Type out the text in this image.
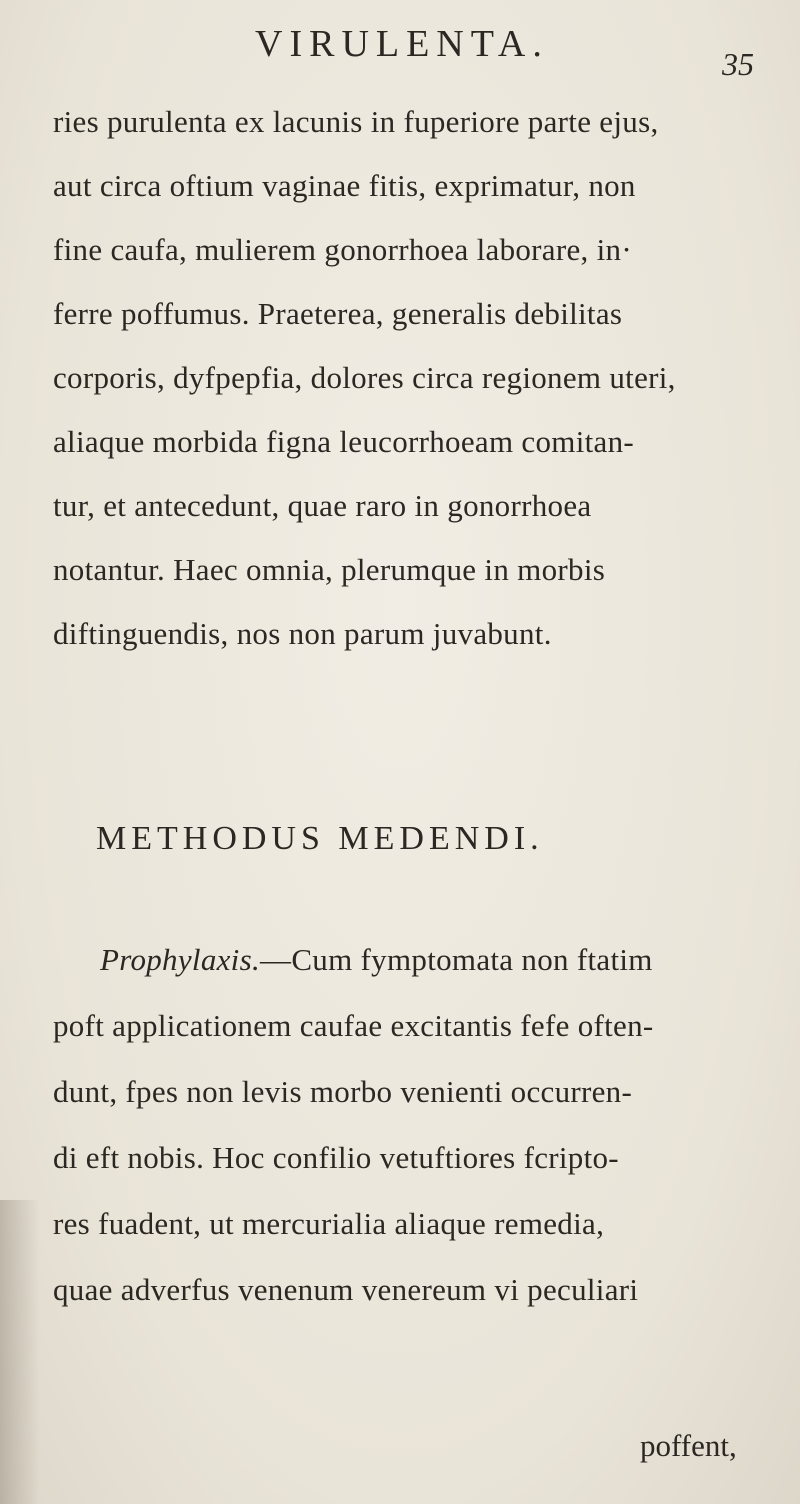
VIRULENTA.	35
ries purulenta ex lacunis in fuperiore parte ejus,
aut circa oftium vaginae fitis, exprimatur, non
fine caufa, mulierem gonorrhoea laborare, in·
ferre poffumus. Praeterea, generalis debilitas
corporis, dyfpepfia, dolores circa regionem uteri,
aliaque morbida figna leucorrhoeam comitan-
tur, et antecedunt, quae raro in gonorrhoea
notantur. Haec omnia, plerumque in morbis
diftinguendis, nos non parum juvabunt.
METHODUS MEDENDI.
Prophylaxis.—Cum fymptomata non ftatim
poft applicationem caufae excitantis fefe often-
dunt, fpes non levis morbo venienti occurren-
di eft nobis. Hoc confilio vetuftiores fcripto-
res fuadent, ut mercurialia aliaque remedia,
quae adverfus venenum venereum vi peculiari
poffent,
